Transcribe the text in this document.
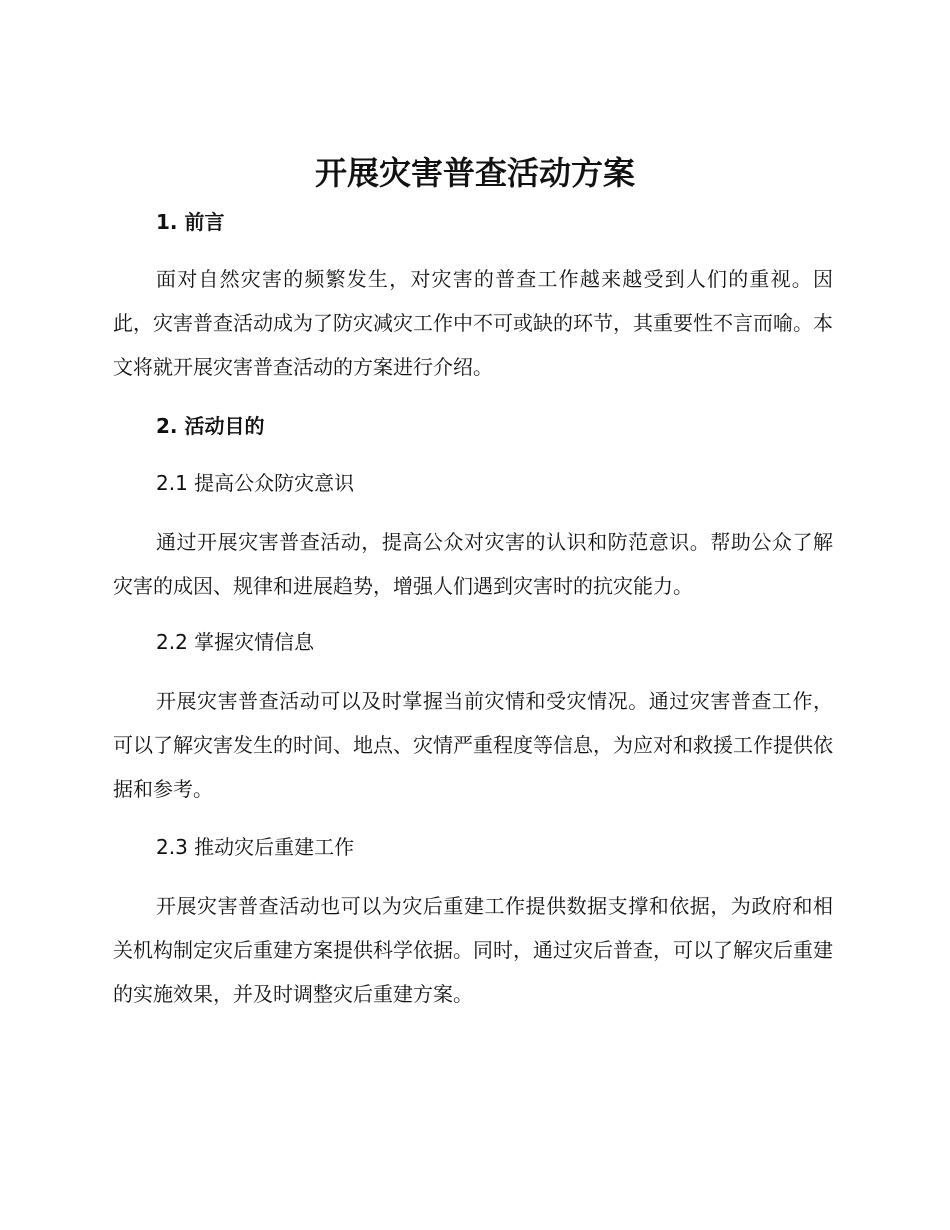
开展灾害普查活动方案
1. 前言
面对自然灾害的频繁发生，对灾害的普查工作越来越受到人们的重视。因此，灾害普查活动成为了防灾减灾工作中不可或缺的环节，其重要性不言而喻。本文将就开展灾害普查活动的方案进行介绍。
2. 活动目的
2.1 提高公众防灾意识
通过开展灾害普查活动，提高公众对灾害的认识和防范意识。帮助公众了解灾害的成因、规律和进展趋势，增强人们遇到灾害时的抗灾能力。
2.2 掌握灾情信息
开展灾害普查活动可以及时掌握当前灾情和受灾情况。通过灾害普查工作，可以了解灾害发生的时间、地点、灾情严重程度等信息，为应对和救援工作提供依据和参考。
2.3 推动灾后重建工作
开展灾害普查活动也可以为灾后重建工作提供数据支撑和依据，为政府和相关机构制定灾后重建方案提供科学依据。同时，通过灾后普查，可以了解灾后重建的实施效果，并及时调整灾后重建方案。
